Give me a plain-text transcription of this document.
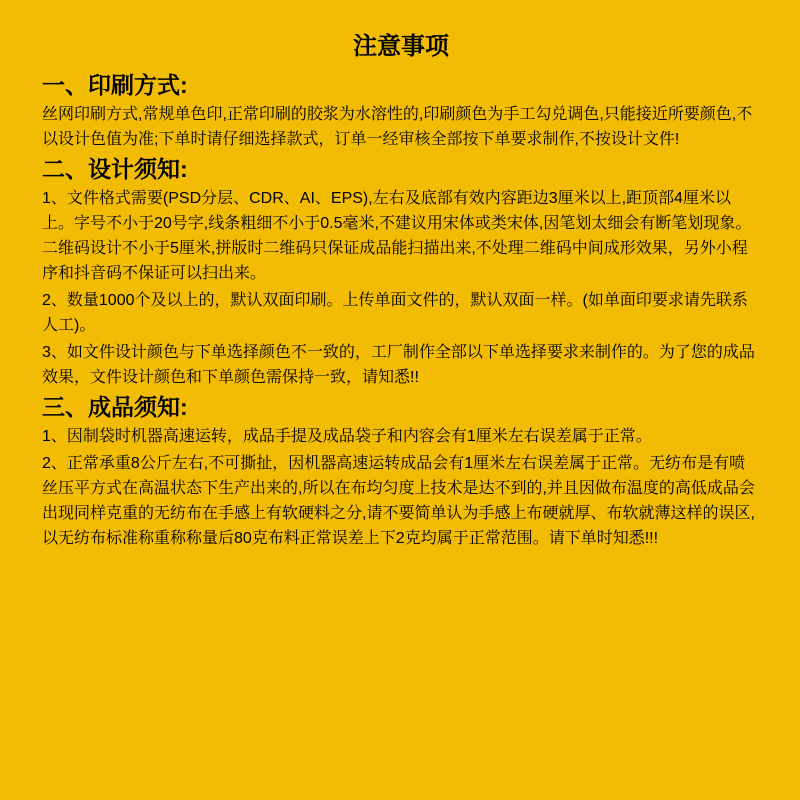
注意事项
一、印刷方式:

丝网印刷方式,常规单色印,正常印刷的胶浆为水溶性的,印刷颜色为手工勾兑调色,只能接近所要颜色,不以设计色值为准;下单时请仔细选择款式，订单一经审核全部按下单要求制作,不按设计文件!

二、设计须知:

1、文件格式需要(PSD分层、CDR、AI、EPS),左右及底部有效内容距边3厘米以上,距顶部4厘米以上。字号不小于20号字,线条粗细不小于0.5毫米,不建议用宋体或类宋体,因笔划太细会有断笔划现象。二维码设计不小于5厘米,拼版时二维码只保证成品能扫描出来,不处理二维码中间成形效果，另外小程序和抖音码不保证可以扫出来。

2、数量1000个及以上的，默认双面印刷。上传单面文件的，默认双面一样。(如单面印要求请先联系人工)。

3、如文件设计颜色与下单选择颜色不一致的，工厂制作全部以下单选择要求来制作的。为了您的成品效果，文件设计颜色和下单颜色需保持一致，请知悉!!

三、成品须知:

1、因制袋时机器高速运转，成品手提及成品袋子和内容会有1厘米左右误差属于正常。

2、正常承重8公斤左右,不可撕扯，因机器高速运转成品会有1厘米左右误差属于正常。无纺布是有喷丝压平方式在高温状态下生产出来的,所以在布均匀度上技术是达不到的,并且因做布温度的高低成品会出现同样克重的无纺布在手感上有软硬料之分,请不要简单认为手感上布硬就厚、布软就薄这样的误区,以无纺布标准称重称称量后80克布料正常误差上下2克均属于正常范围。请下单时知悉!!!
